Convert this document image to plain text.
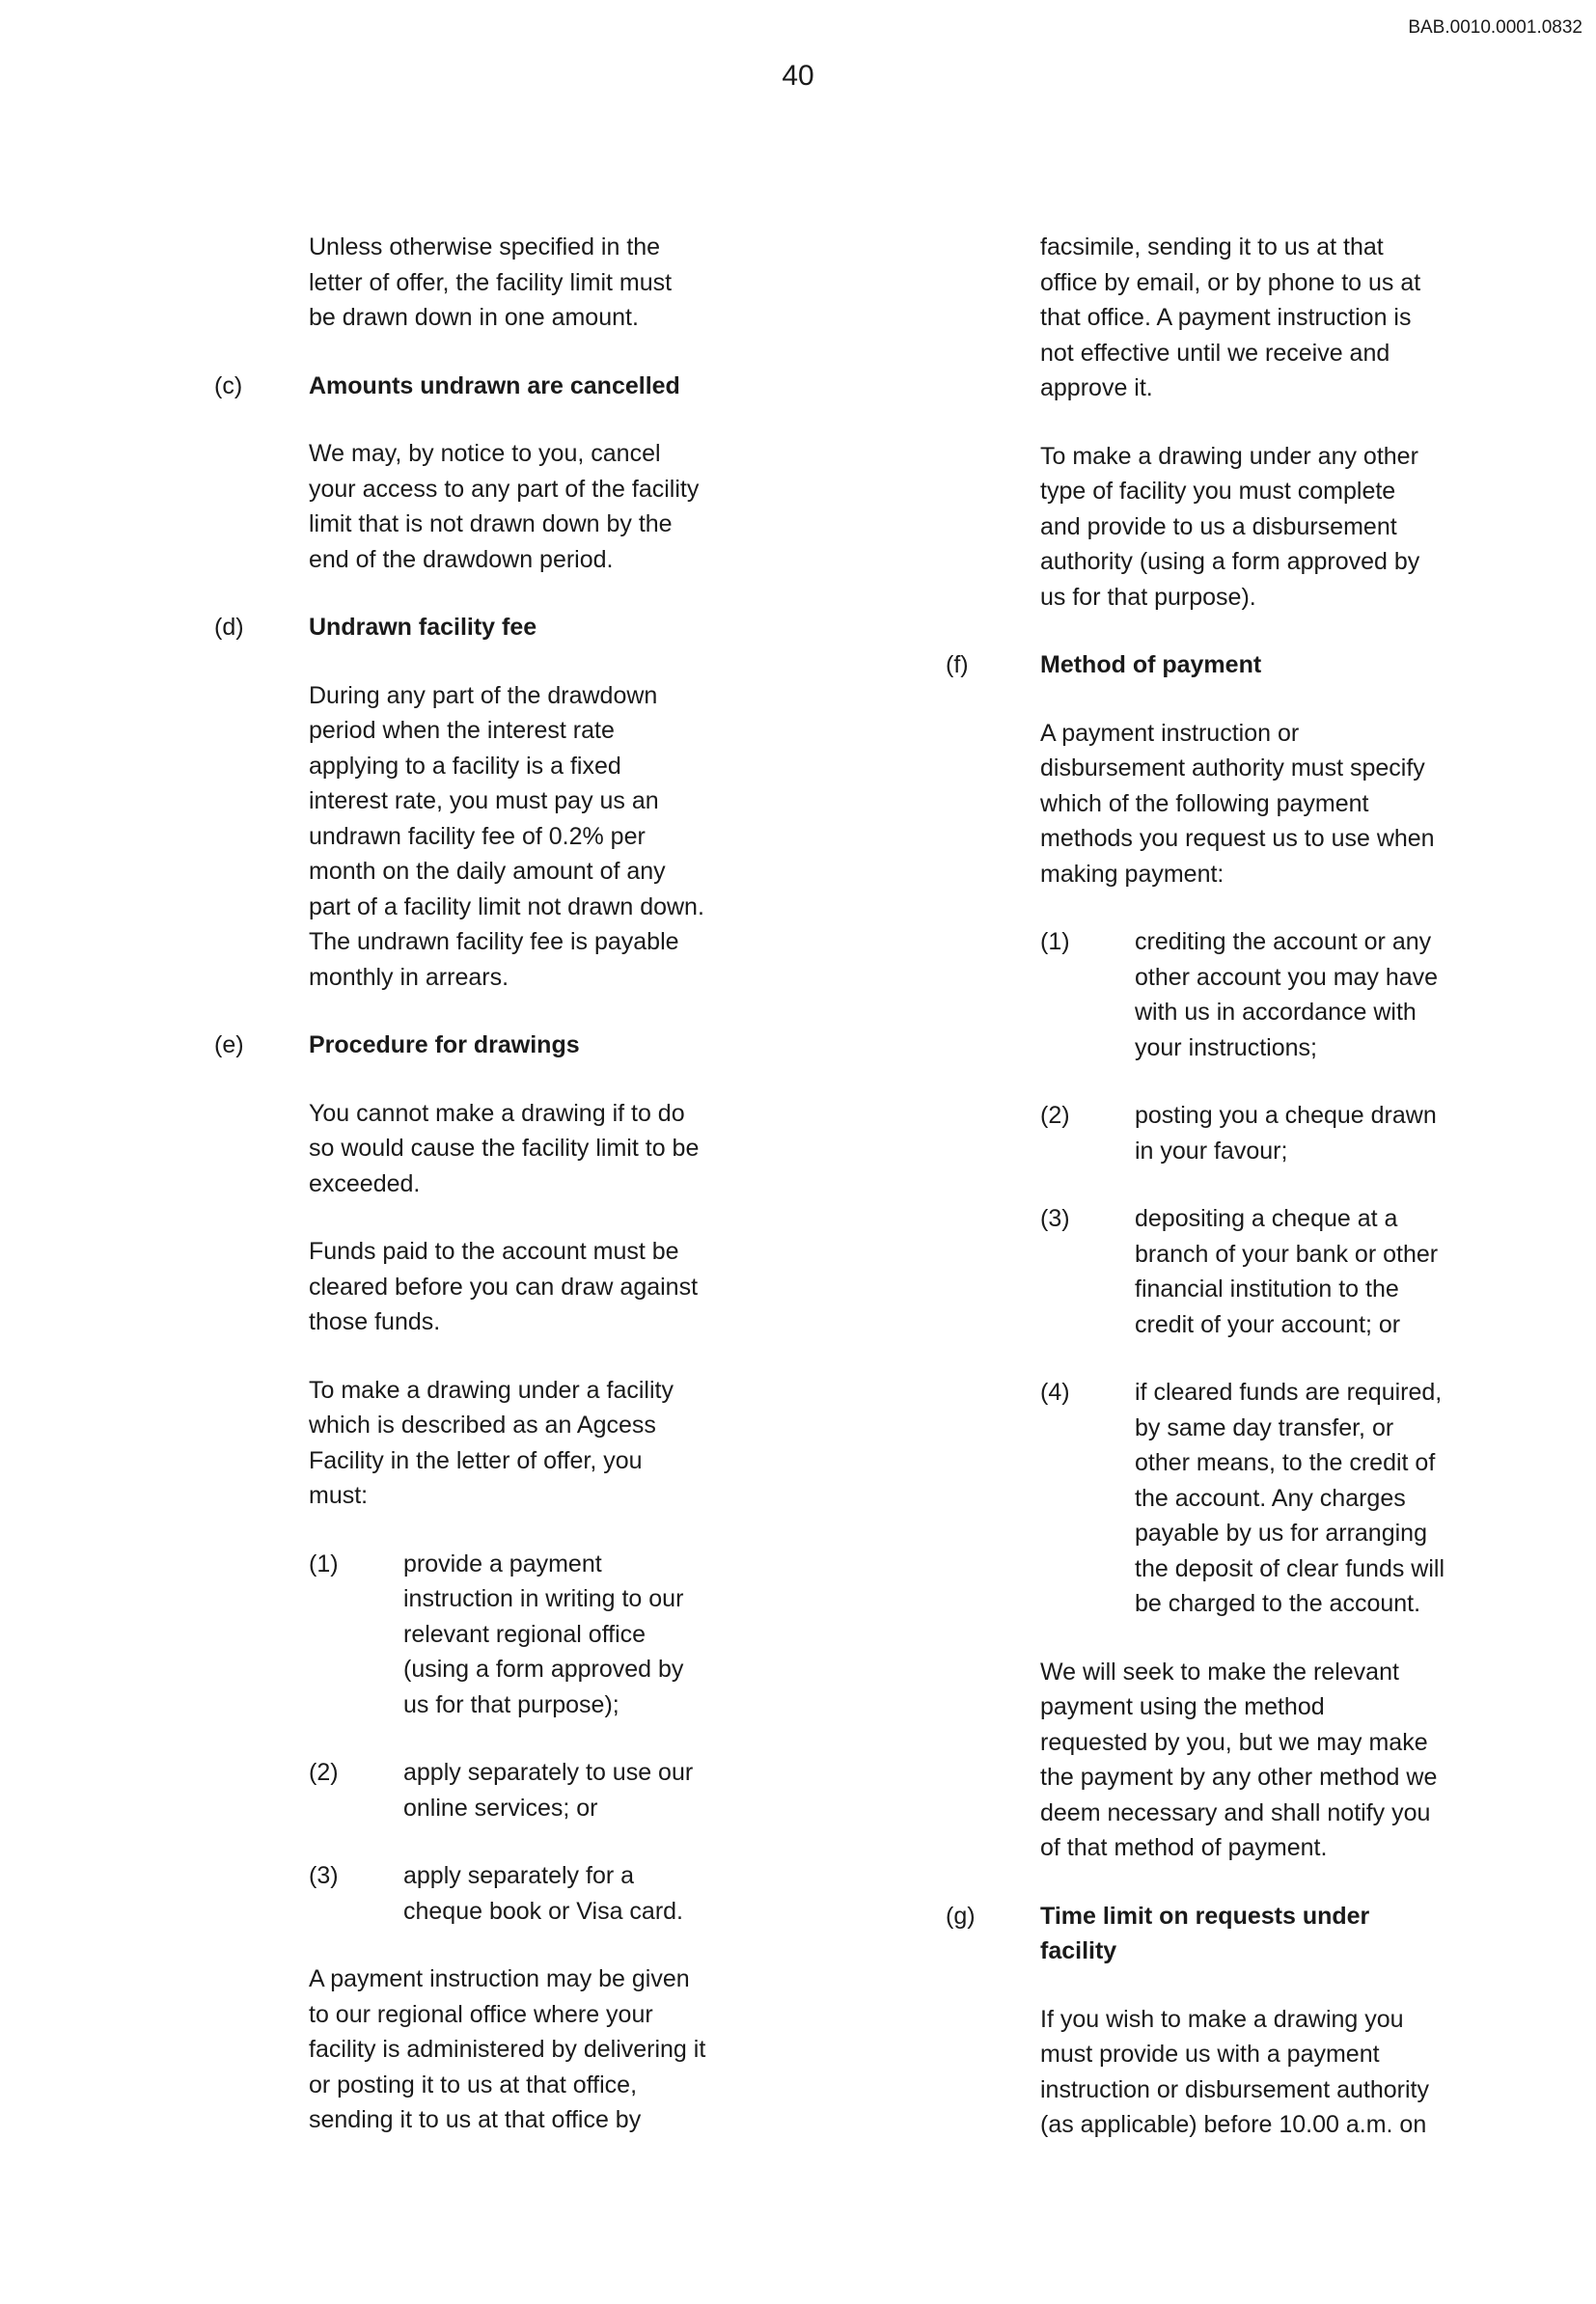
BAB.0010.0001.0832
40

Unless otherwise specified in the
letter of offer, the facility limit must
be drawn down in one amount.

(c)	Amounts undrawn are cancelled

We may, by notice to you, cancel
your access to any part of the facility
limit that is not drawn down by the
end of the drawdown period.

(d)	Undrawn facility fee

During any part of the drawdown
period when the interest rate
applying to a facility is a fixed
interest rate, you must pay us an
undrawn facility fee of 0.2% per
month on the daily amount of any
part of a facility limit not drawn down.
The undrawn facility fee is payable
monthly in arrears.

(e)	Procedure for drawings

You cannot make a drawing if to do
so would cause the facility limit to be
exceeded.

Funds paid to the account must be
cleared before you can draw against
those funds.

To make a drawing under a facility
which is described as an Agcess
Facility in the letter of offer, you
must:

(1)	provide a payment
instruction in writing to our
relevant regional office
(using a form approved by
us for that purpose);
(2)	apply separately to use our
online services; or
(3)	apply separately for a
cheque book or Visa card.

A payment instruction may be given
to our regional office where your
facility is administered by delivering it
or posting it to us at that office,
sending it to us at that office by

facsimile, sending it to us at that
office by email, or by phone to us at
that office. A payment instruction is
not effective until we receive and
approve it.

To make a drawing under any other
type of facility you must complete
and provide to us a disbursement
authority (using a form approved by
us for that purpose).

(f)	Method of payment

A payment instruction or
disbursement authority must specify
which of the following payment
methods you request us to use when
making payment:

(1)	crediting the account or any
other account you may have
with us in accordance with
your instructions;
(2)	posting you a cheque drawn
in your favour;
(3)	depositing a cheque at a
branch of your bank or other
financial institution to the
credit of your account; or
(4)	if cleared funds are required,
by same day transfer, or
other means, to the credit of
the account. Any charges
payable by us for arranging
the deposit of clear funds will
be charged to the account.

We will seek to make the relevant
payment using the method
requested by you, but we may make
the payment by any other method we
deem necessary and shall notify you
of that method of payment.

(g)	Time limit on requests under
facility

If you wish to make a drawing you
must provide us with a payment
instruction or disbursement authority
(as applicable) before 10.00 a.m. on
